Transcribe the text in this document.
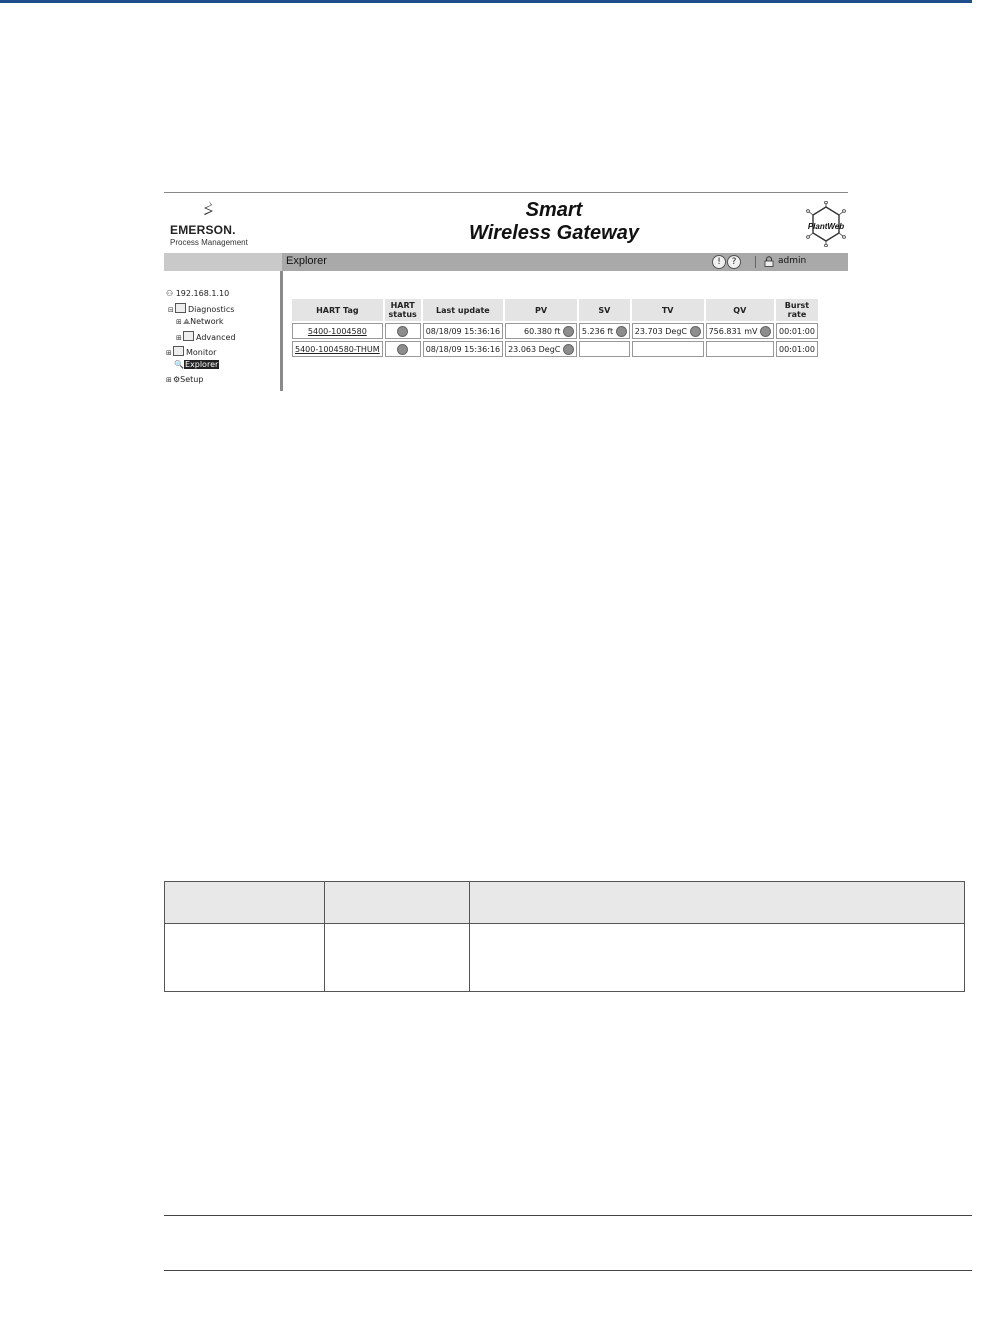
EMERSON.
Process Management
Smart
Wireless Gateway	PlantWeb
Explorer	!	?	admin
⚇ 192.168.1.10
⊟ Diagnostics
⊞⟁Network
⊞ Advanced
⊞ Monitor
🔍Explorer
⊞⚙Setup
HART Tag	HART status	Last update	PV	SV	TV	QV	Burst rate
5400-1004580		08/18/09 15:36:16	60.380 ft	5.236 ft	23.703 DegC	756.831 mV	00:01:00
5400-1004580-THUM		08/18/09 15:36:16	23.063 DegC				00:01:00
